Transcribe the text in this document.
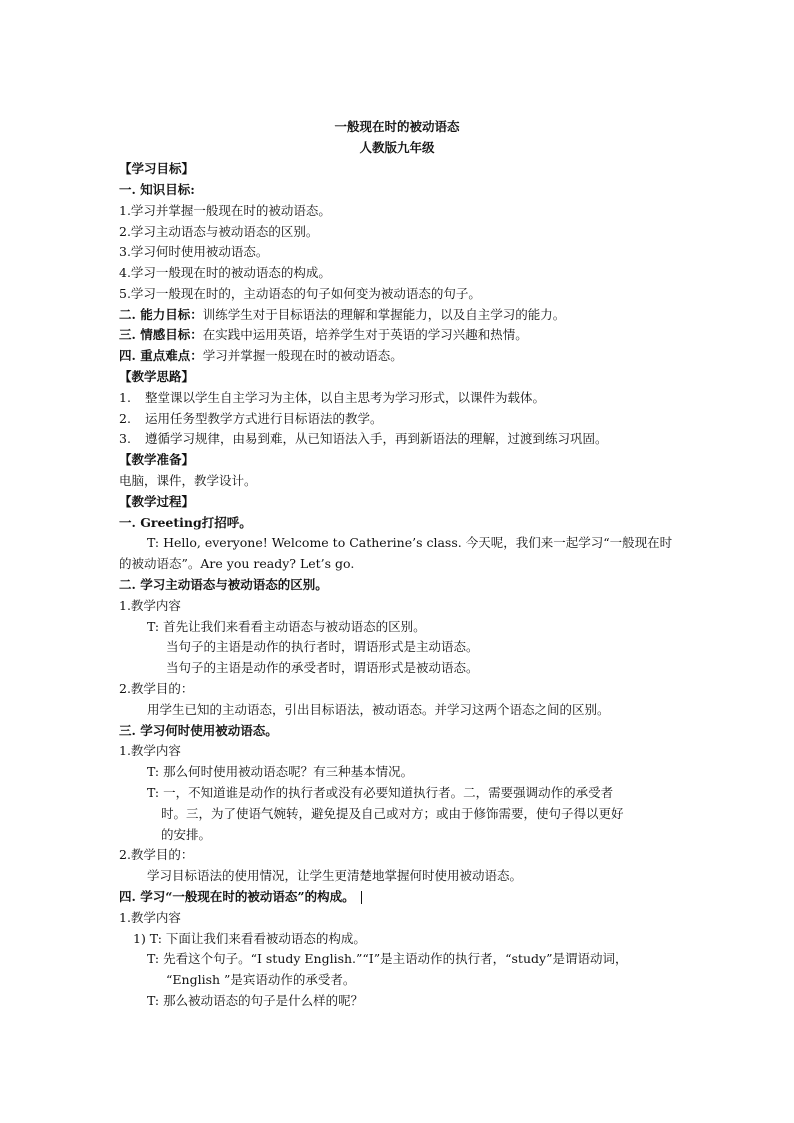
一般现在时的被动语态
人教版九年级
【学习目标】
一. 知识目标:
1.学习并掌握一般现在时的被动语态。
2.学习主动语态与被动语态的区别。
3.学习何时使用被动语态。
4.学习一般现在时的被动语态的构成。
5.学习一般现在时的，主动语态的句子如何变为被动语态的句子。
二. 能力目标：训练学生对于目标语法的理解和掌握能力，以及自主学习的能力。
三. 情感目标：在实践中运用英语，培养学生对于英语的学习兴趣和热情。
四. 重点难点：学习并掌握一般现在时的被动语态。
【教学思路】
1. 整堂课以学生自主学习为主体，以自主思考为学习形式，以课件为载体。
2. 运用任务型教学方式进行目标语法的教学。
3. 遵循学习规律，由易到难，从已知语法入手，再到新语法的理解，过渡到练习巩固。
【教学准备】
电脑，课件，教学设计。
【教学过程】
一. Greeting打招呼。
T: Hello, everyone! Welcome to Catherine’s class. 今天呢，我们来一起学习“一般现在时
的被动语态”。Are you ready? Let’s go.
二. 学习主动语态与被动语态的区别。
1.教学内容
T: 首先让我们来看看主动语态与被动语态的区别。
当句子的主语是动作的执行者时，谓语形式是主动语态。
当句子的主语是动作的承受者时，谓语形式是被动语态。
2.教学目的：
用学生已知的主动语态，引出目标语法，被动语态。并学习这两个语态之间的区别。
三. 学习何时使用被动语态。
1.教学内容
T: 那么何时使用被动语态呢？有三种基本情况。
T: 一，不知道谁是动作的执行者或没有必要知道执行者。二，需要强调动作的承受者
时。三，为了使语气婉转，避免提及自己或对方；或由于修饰需要，使句子得以更好
的安排。
2.教学目的：
学习目标语法的使用情况，让学生更清楚地掌握何时使用被动语态。
四. 学习“一般现在时的被动语态”的构成。
1.教学内容
1) T: 下面让我们来看看被动语态的构成。
T: 先看这个句子。“I study English.”“I”是主语动作的执行者，“study”是谓语动词，
“English ”是宾语动作的承受者。
T: 那么被动语态的句子是什么样的呢？
